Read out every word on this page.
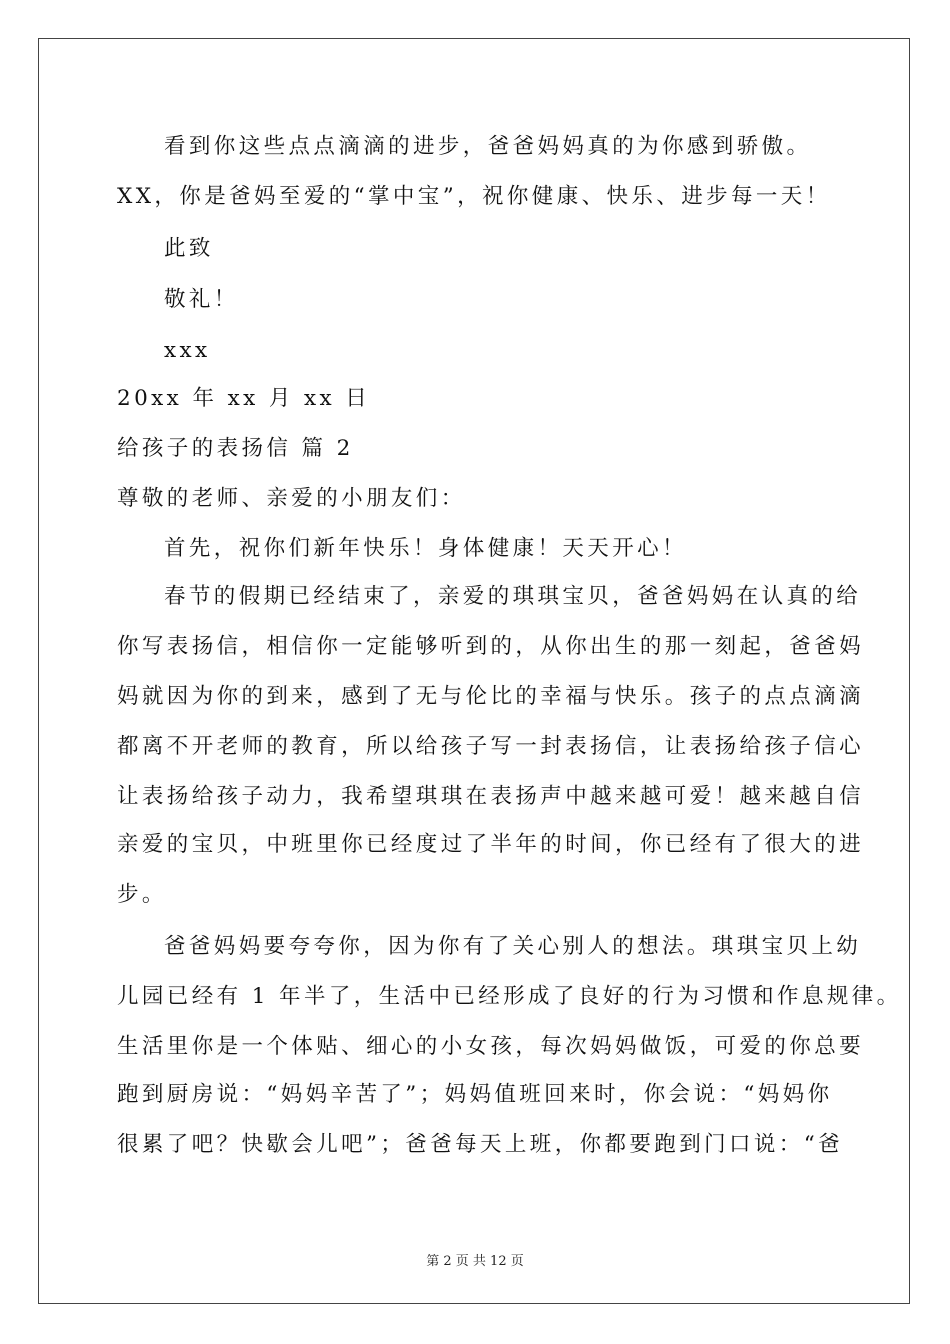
看到你这些点点滴滴的进步，爸爸妈妈真的为你感到骄傲。
XX，你是爸妈至爱的“掌中宝”，祝你健康、快乐、进步每一天！
此致
敬礼！
xxx
20xx 年 xx 月 xx 日
给孩子的表扬信 篇 2
尊敬的老师、亲爱的小朋友们：
首先，祝你们新年快乐！身体健康！天天开心！
春节的假期已经结束了，亲爱的琪琪宝贝，爸爸妈妈在认真的给
你写表扬信，相信你一定能够听到的，从你出生的那一刻起，爸爸妈
妈就因为你的到来，感到了无与伦比的幸福与快乐。孩子的点点滴滴
都离不开老师的教育，所以给孩子写一封表扬信，让表扬给孩子信心
让表扬给孩子动力，我希望琪琪在表扬声中越来越可爱！越来越自信
亲爱的宝贝，中班里你已经度过了半年的时间，你已经有了很大的进
步。
爸爸妈妈要夸夸你，因为你有了关心别人的想法。琪琪宝贝上幼
儿园已经有 1 年半了，生活中已经形成了良好的行为习惯和作息规律。
生活里你是一个体贴、细心的小女孩，每次妈妈做饭，可爱的你总要
跑到厨房说：“妈妈辛苦了”；妈妈值班回来时，你会说：“妈妈你
很累了吧？快歇会儿吧”；爸爸每天上班，你都要跑到门口说：“爸
第 2 页 共 12 页
